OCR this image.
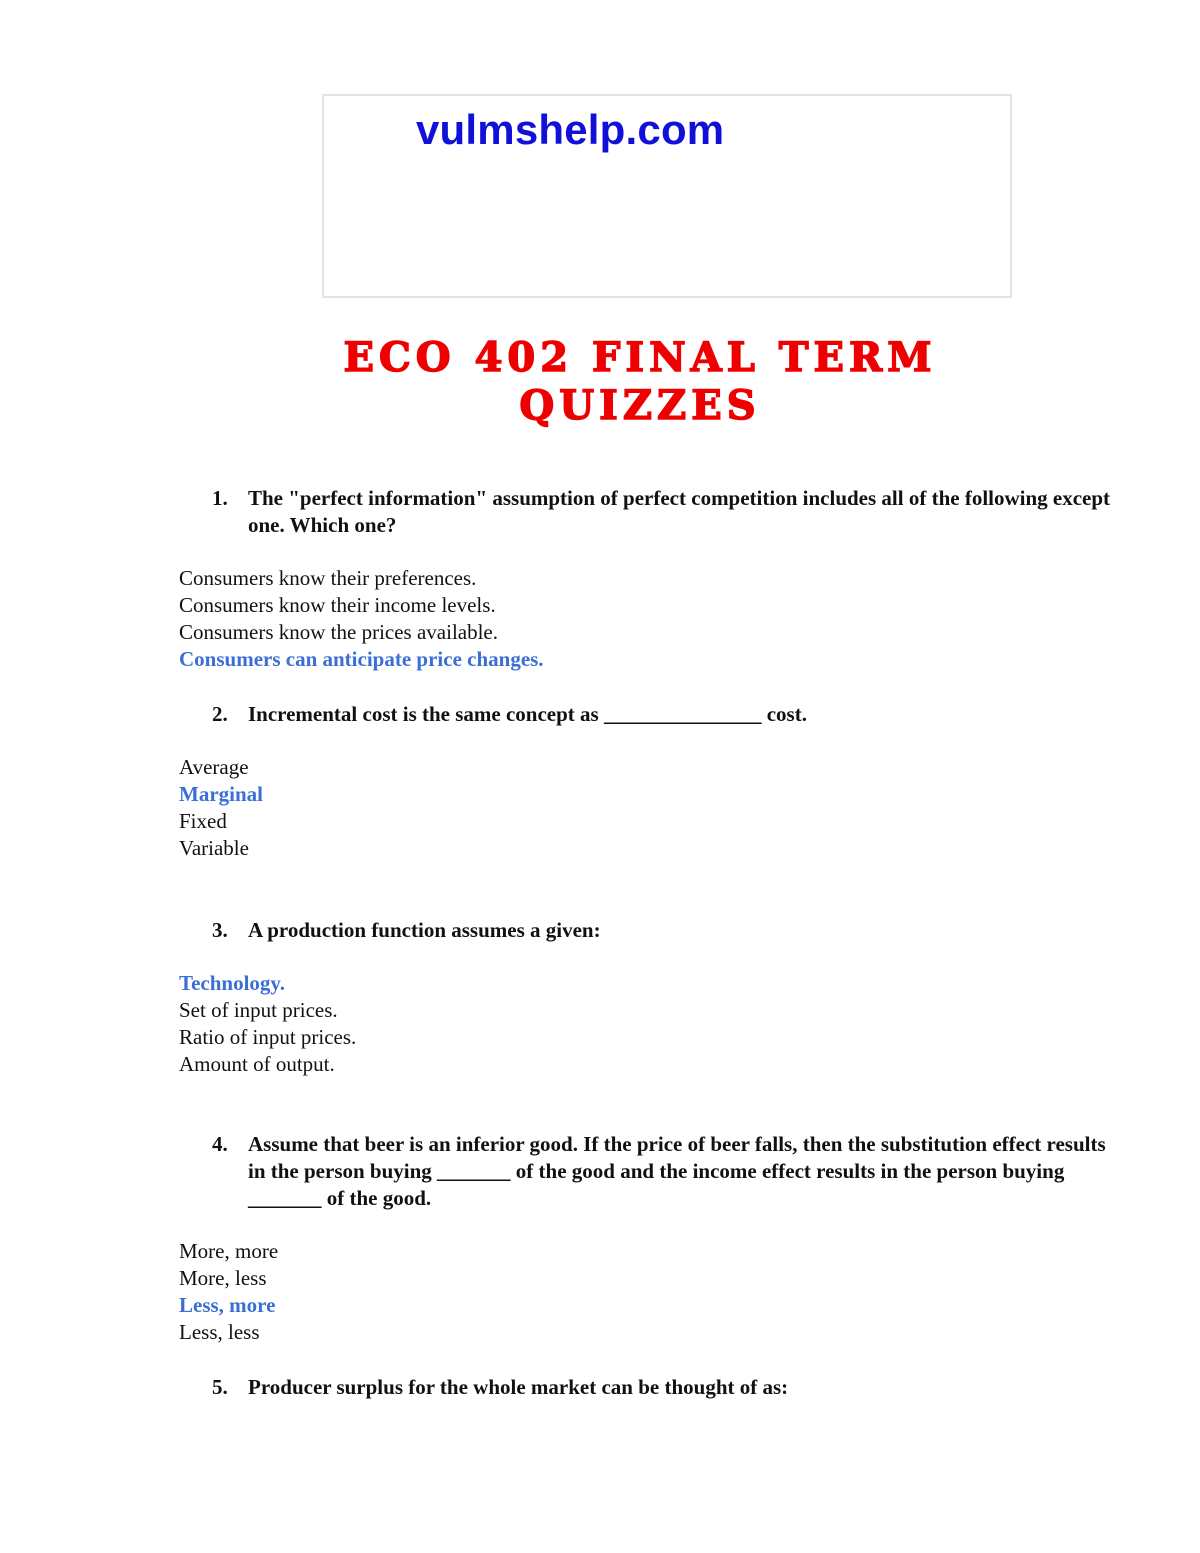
vulmshelp.com
ECO 402 FINAL TERM
QUIZZES
1. The "perfect information" assumption of perfect competition includes all of the following except one. Which one?
Consumers know their preferences.
Consumers know their income levels.
Consumers know the prices available.
Consumers can anticipate price changes.
2. Incremental cost is the same concept as _______________ cost.
Average
Marginal
Fixed
Variable
3. A production function assumes a given:
Technology.
Set of input prices.
Ratio of input prices.
Amount of output.
4. Assume that beer is an inferior good. If the price of beer falls, then the substitution effect results in the person buying _______ of the good and the income effect results in the person buying _______ of the good.
More, more
More, less
Less, more
Less, less
5. Producer surplus for the whole market can be thought of as:
